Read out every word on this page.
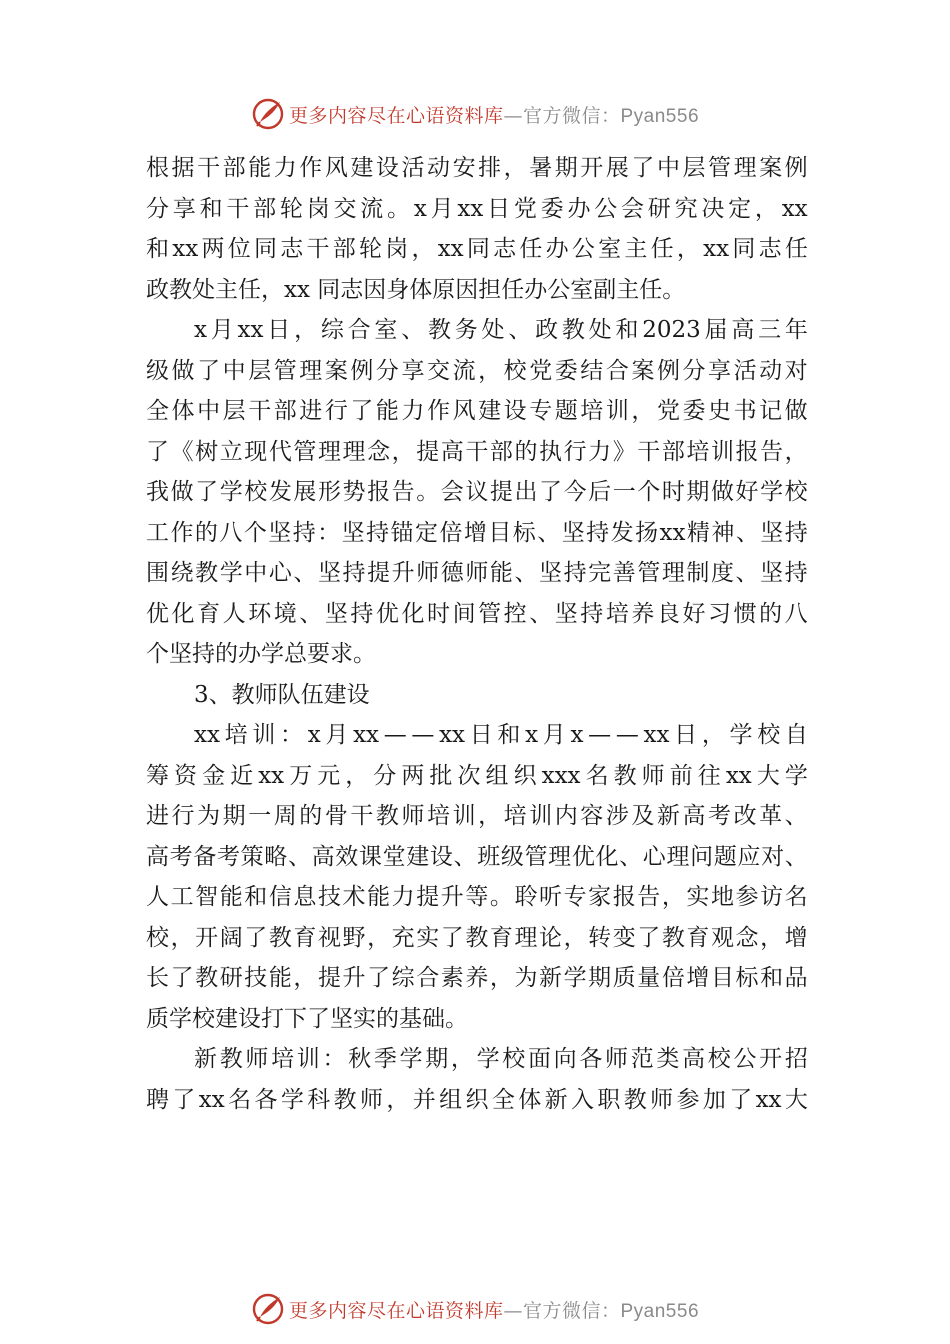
更多内容尽在心语资料库—官方微信：Pyan556
根 据 干 部 能 力 作 风 建 设 活 动 安 排 ， 暑 期 开 展 了 中 层 管 理 案 例
分 享 和 干 部 轮 岗 交 流 。 x 月 xx 日 党 委 办 公 会 研 究 决 定 ， xx
和 xx 两 位 同 志 干 部 轮 岗 ， xx 同 志 任 办 公 室 主 任 ， xx 同 志 任
政教处主任，xx 同志因身体原因担任办公室副主任。
x 月 xx 日 ， 综 合 室 、 教 务 处 、 政 教 处 和 2023 届 高 三 年
级 做 了 中 层 管 理 案 例 分 享 交 流 ， 校 党 委 结 合 案 例 分 享 活 动 对
全 体 中 层 干 部 进 行 了 能 力 作 风 建 设 专 题 培 训 ， 党 委 史 书 记 做
了 《 树 立 现 代 管 理 理 念 ， 提 高 干 部 的 执 行 力 》 干 部 培 训 报 告 ，
我 做 了 学 校 发 展 形 势 报 告 。 会 议 提 出 了 今 后 一 个 时 期 做 好 学 校
工 作 的 八 个 坚 持 ： 坚 持 锚 定 倍 增 目 标 、 坚 持 发 扬 xx 精 神 、 坚 持
围 绕 教 学 中 心 、 坚 持 提 升 师 德 师 能 、 坚 持 完 善 管 理 制 度 、 坚 持
优 化 育 人 环 境 、 坚 持 优 化 时 间 管 控 、 坚 持 培 养 良 好 习 惯 的 八
个坚持的办学总要求。
3、教师队伍建设
xx 培 训 ： x 月 xx — — xx 日 和 x 月 x — — xx 日 ， 学 校 自
筹 资 金 近 xx 万 元 ， 分 两 批 次 组 织 xxx 名 教 师 前 往 xx 大 学
进 行 为 期 一 周 的 骨 干 教 师 培 训 ， 培 训 内 容 涉 及 新 高 考 改 革 、
高 考 备 考 策 略 、 高 效 课 堂 建 设 、 班 级 管 理 优 化 、 心 理 问 题 应 对 、
人 工 智 能 和 信 息 技 术 能 力 提 升 等 。 聆 听 专 家 报 告 ， 实 地 参 访 名
校 ， 开 阔 了 教 育 视 野 ， 充 实 了 教 育 理 论 ， 转 变 了 教 育 观 念 ， 增
长 了 教 研 技 能 ， 提 升 了 综 合 素 养 ， 为 新 学 期 质 量 倍 增 目 标 和 品
质学校建设打下了坚实的基础。
新 教 师 培 训 ： 秋 季 学 期 ， 学 校 面 向 各 师 范 类 高 校 公 开 招
聘 了 xx 名 各 学 科 教 师 ， 并 组 织 全 体 新 入 职 教 师 参 加 了 xx 大
更多内容尽在心语资料库—官方微信：Pyan556
